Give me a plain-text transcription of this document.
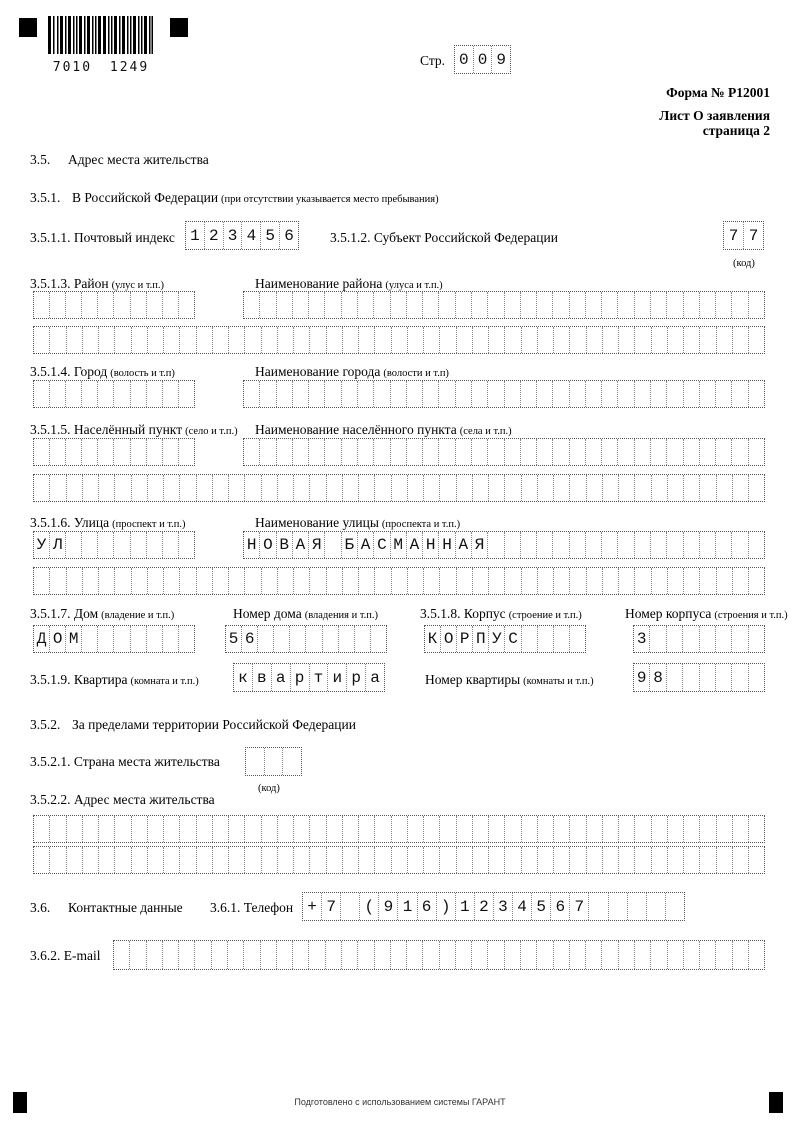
7010 1249	Стр. 0 0 9
Форма № Р12001
Лист О заявления
страница 2
3.5. Адрес места жительства
3.5.1. В Российской Федерации (при отсутствии указывается место пребывания)
3.5.1.1. Почтовый индекс 1 2 3 4 5 6	3.5.1.2. Субъект Российской Федерации	7 7
(код)
3.5.1.3. Район (улус и т.п.)	Наименование района (улуса и т.п.)
3.5.1.4. Город (волость и т.п)	Наименование города (волости и т.п)
3.5.1.5. Населённый пункт (село и т.п.) Наименование населённого пункта (села и т.п.)
3.5.1.6. Улица (проспект и т.п.)	Наименование улицы (проспекта и т.п.)
У Л	Н О В А Я Б А С М А Н Н А Я
3.5.1.7. Дом (владение и т.п.)	Номер дома (владения и т.п.)	3.5.1.8. Корпус (строение и т.п.)	Номер корпуса (строения и т.п.)
Д О М	5 6	К О Р П У С	3
3.5.1.9. Квартира (комната и т.п.) к в а р т и р а	Номер квартиры (комнаты и т.п.)	9 8
3.5.2. За пределами территории Российской Федерации
3.5.2.1. Страна места жительства
(код)
3.5.2.2. Адрес места жительства
3.6. Контактные данные 3.6.1. Телефон + 7	( 9 1 6 ) 1 2 3 4 5 6 7
3.6.2. E-mail
Подготовлено с использованием системы ГАРАНТ
